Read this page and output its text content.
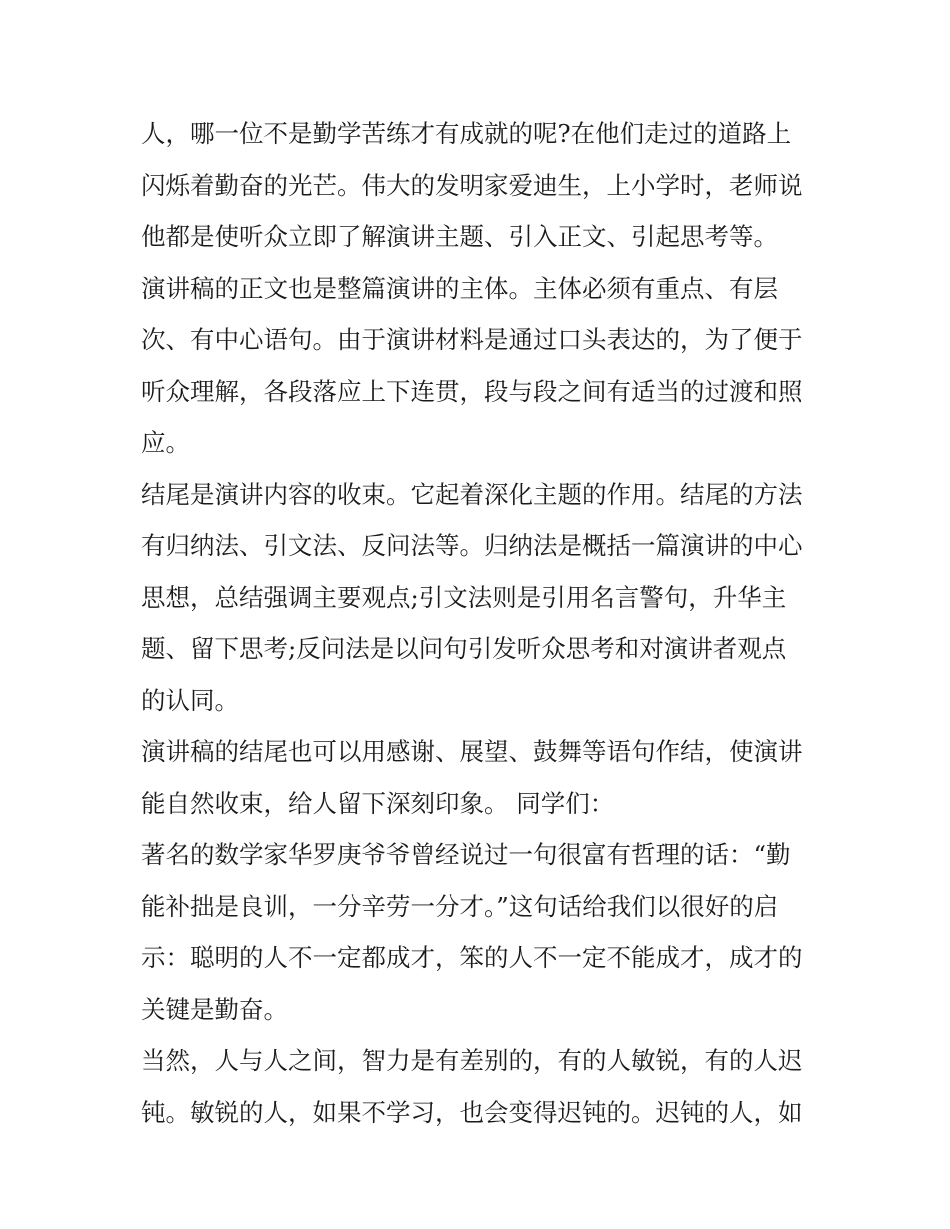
人，哪一位不是勤学苦练才有成就的呢?在他们走过的道路上
闪烁着勤奋的光芒。伟大的发明家爱迪生，上小学时，老师说
他都是使听众立即了解演讲主题、引入正文、引起思考等。
演讲稿的正文也是整篇演讲的主体。主体必须有重点、有层
次、有中心语句。由于演讲材料是通过口头表达的，为了便于
听众理解，各段落应上下连贯，段与段之间有适当的过渡和照
应。
结尾是演讲内容的收束。它起着深化主题的作用。结尾的方法
有归纳法、引文法、反问法等。归纳法是概括一篇演讲的中心
思想，总结强调主要观点;引文法则是引用名言警句，升华主
题、留下思考;反问法是以问句引发听众思考和对演讲者观点
的认同。
演讲稿的结尾也可以用感谢、展望、鼓舞等语句作结，使演讲
能自然收束，给人留下深刻印象。 同学们：
著名的数学家华罗庚爷爷曾经说过一句很富有哲理的话：“勤
能补拙是良训，一分辛劳一分才。”这句话给我们以很好的启
示：聪明的人不一定都成才，笨的人不一定不能成才，成才的
关键是勤奋。
当然，人与人之间，智力是有差别的，有的人敏锐，有的人迟
钝。敏锐的人，如果不学习，也会变得迟钝的。迟钝的人，如
